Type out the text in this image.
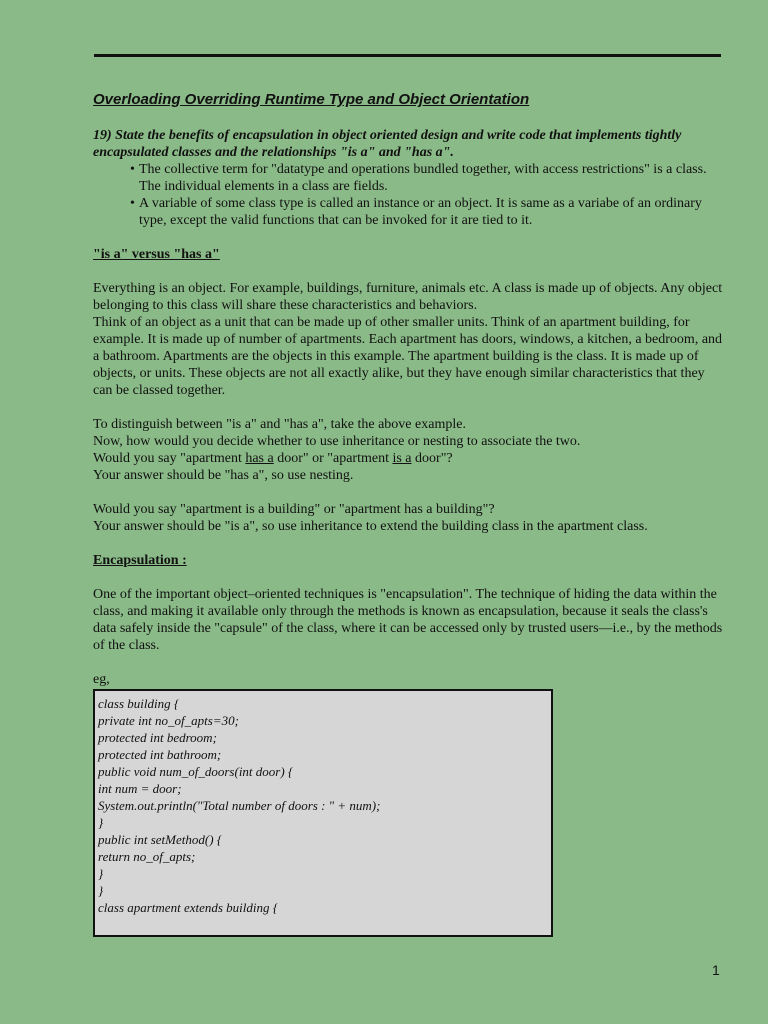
Overloading Overriding Runtime Type and Object Orientation

19) State the benefits of encapsulation in object oriented design and write code that implements tightly encapsulated classes and the relationships "is a" and "has a".

• The collective term for "datatype and operations bundled together, with access restrictions" is a class. The individual elements in a class are fields.
• A variable of some class type is called an instance or an object. It is same as a variabe of an ordinary type, except the valid functions that can be invoked for it are tied to it.
"is a" versus "has a"

Everything is an object. For example, buildings, furniture, animals etc. A class is made up of objects. Any object belonging to this class will share these characteristics and behaviors.

Think of an object as a unit that can be made up of other smaller units. Think of an apartment building, for example. It is made up of number of apartments. Each apartment has doors, windows, a kitchen, a bedroom, and a bathroom. Apartments are the objects in this example. The apartment building is the class. It is made up of objects, or units. These objects are not all exactly alike, but they have enough similar characteristics that they can be classed together.

To distinguish between "is a" and "has a", take the above example.

Now, how would you decide whether to use inheritance or nesting to associate the two.

Would you say "apartment has a door" or "apartment is a door"?

Your answer should be "has a", so use nesting.

Would you say "apartment is a building" or "apartment has a building"?

Your answer should be "is a", so use inheritance to extend the building class in the apartment class.

Encapsulation :

One of the important object–oriented techniques is "encapsulation". The technique of hiding the data within the class, and making it available only through the methods is known as encapsulation, because it seals the class's data safely inside the "capsule" of the class, where it can be accessed only by trusted users––i.e., by the methods of the class.

eg,

class building {
private int no_of_apts=30;
protected int bedroom;
protected int bathroom;
public void num_of_doors(int door) {
int num = door;
System.out.println("Total number of doors : " + num);
}
public int setMethod() {
return no_of_apts;
}
}
class apartment extends building {
1
